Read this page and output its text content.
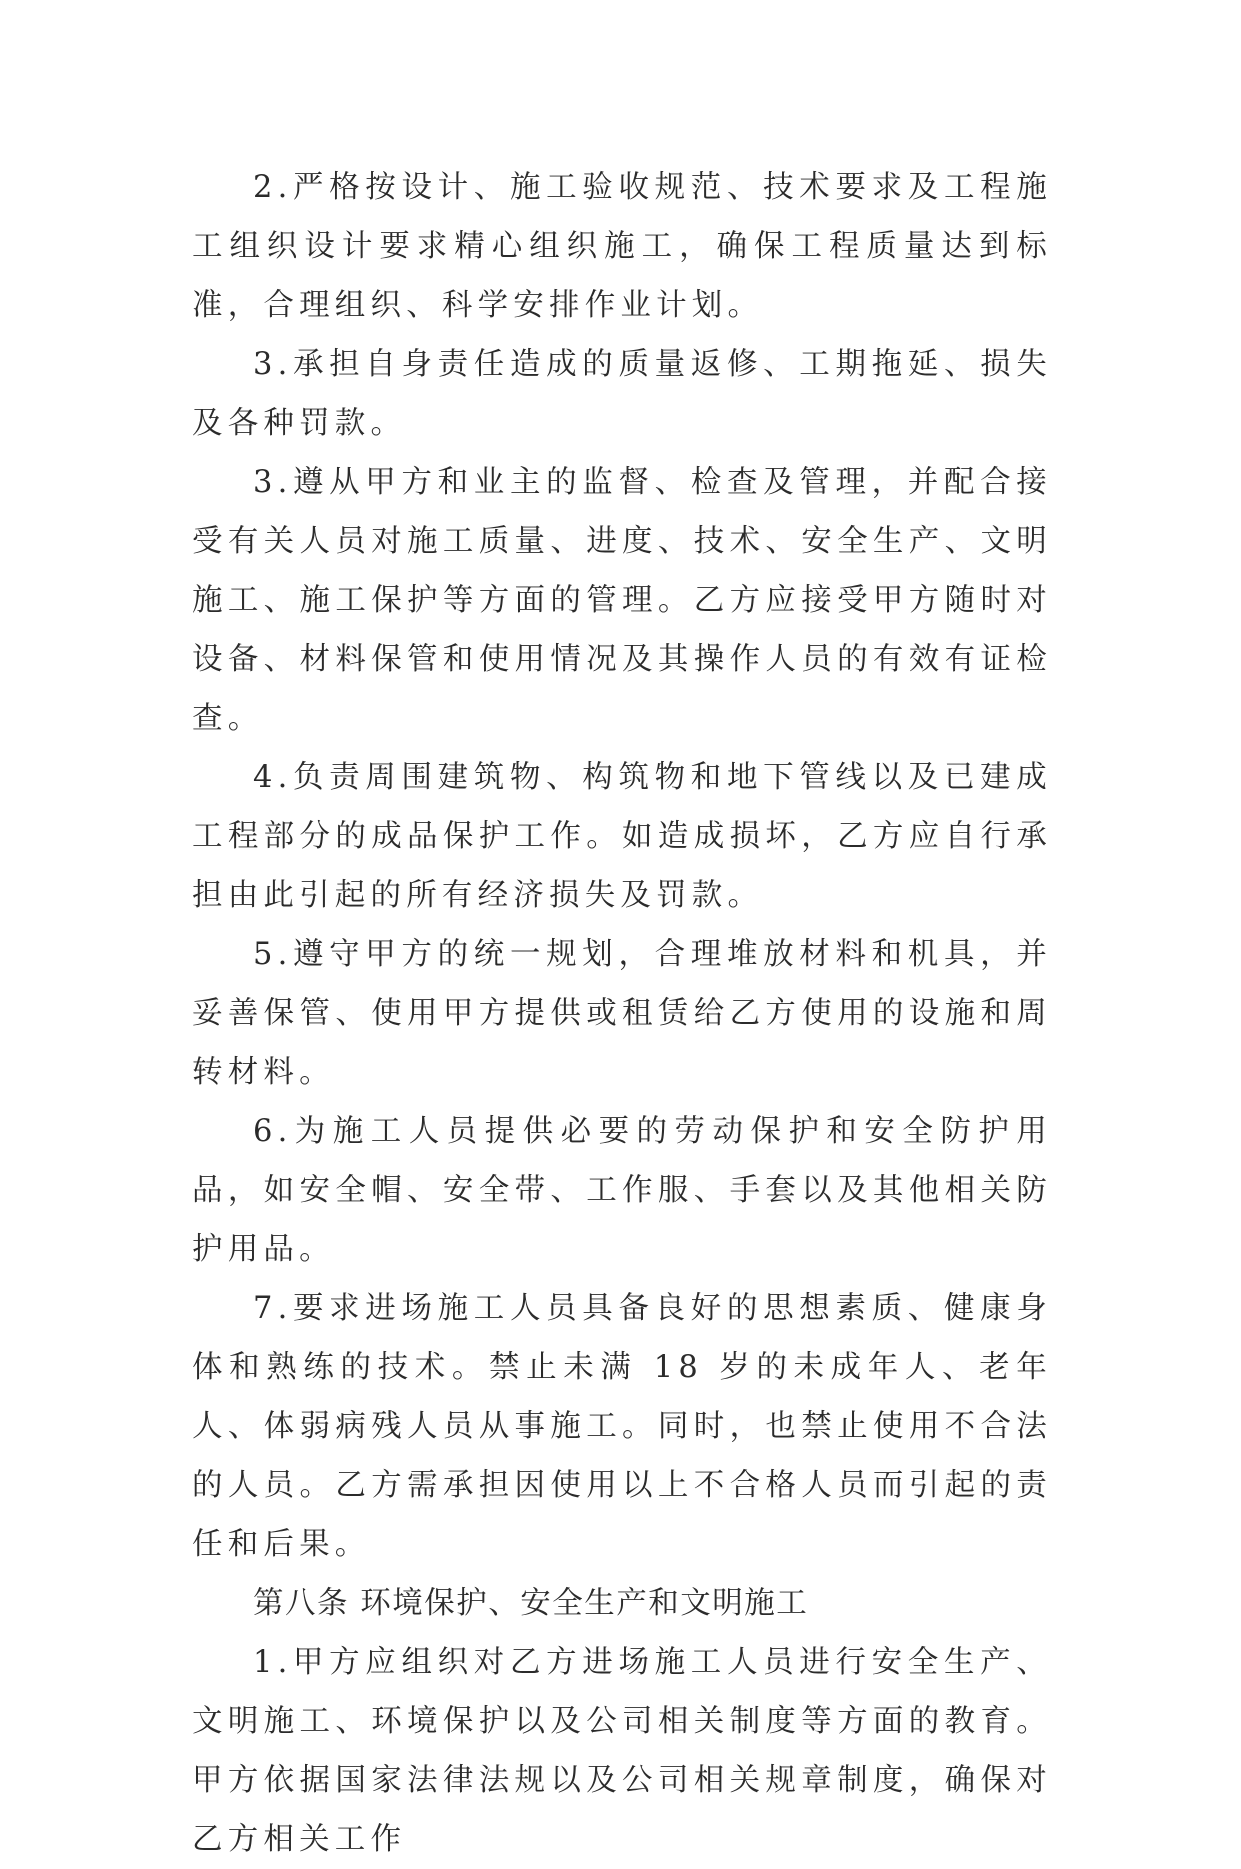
2.严格按设计、施工验收规范、技术要求及工程施工组织设计要求精心组织施工，确保工程质量达到标准，合理组织、科学安排作业计划。

3.承担自身责任造成的质量返修、工期拖延、损失及各种罚款。

3.遵从甲方和业主的监督、检查及管理，并配合接受有关人员对施工质量、进度、技术、安全生产、文明施工、施工保护等方面的管理。乙方应接受甲方随时对设备、材料保管和使用情况及其操作人员的有效有证检查。

4.负责周围建筑物、构筑物和地下管线以及已建成工程部分的成品保护工作。如造成损坏，乙方应自行承担由此引起的所有经济损失及罚款。

5.遵守甲方的统一规划，合理堆放材料和机具，并妥善保管、使用甲方提供或租赁给乙方使用的设施和周转材料。

6.为施工人员提供必要的劳动保护和安全防护用品，如安全帽、安全带、工作服、手套以及其他相关防护用品。

7.要求进场施工人员具备良好的思想素质、健康身体和熟练的技术。禁止未满 18 岁的未成年人、老年人、体弱病残人员从事施工。同时，也禁止使用不合法的人员。乙方需承担因使用以上不合格人员而引起的责任和后果。

第八条 环境保护、安全生产和文明施工

1.甲方应组织对乙方进场施工人员进行安全生产、文明施工、环境保护以及公司相关制度等方面的教育。甲方依据国家法律法规以及公司相关规章制度，确保对乙方相关工作
